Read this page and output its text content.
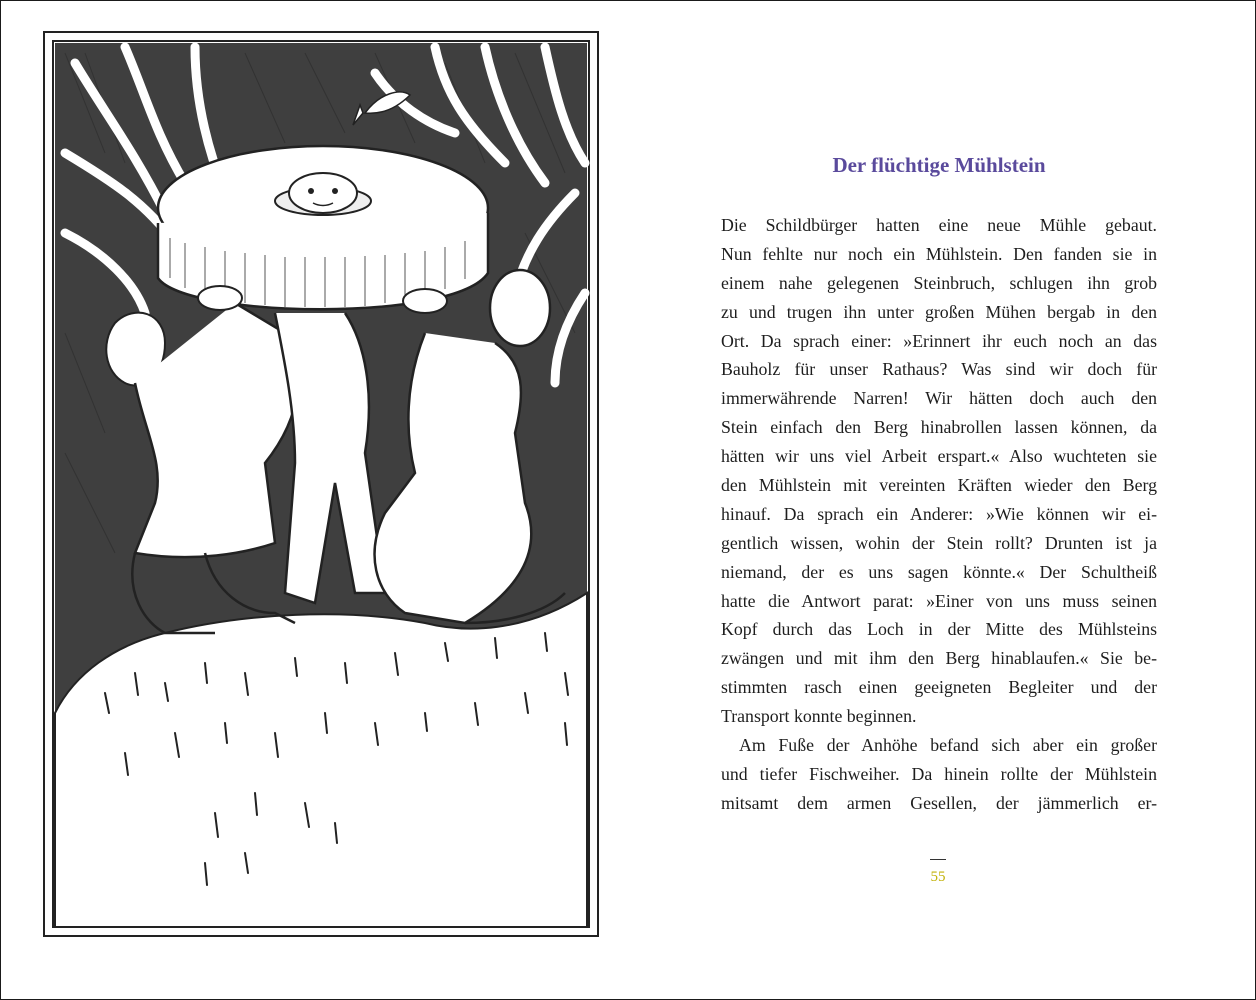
Der flüchtige Mühlstein
Die Schildbürger hatten eine neue Mühle gebaut.
Nun fehlte nur noch ein Mühlstein. Den fanden sie in
einem nahe gelegenen Steinbruch, schlugen ihn grob
zu und trugen ihn unter großen Mühen bergab in den
Ort. Da sprach einer: »Erinnert ihr euch noch an das
Bauholz für unser Rathaus? Was sind wir doch für
immerwährende Narren! Wir hätten doch auch den
Stein einfach den Berg hinabrollen lassen können, da
hätten wir uns viel Arbeit erspart.« Also wuchteten sie
den Mühlstein mit vereinten Kräften wieder den Berg
hinauf. Da sprach ein Anderer: »Wie können wir ei-
gentlich wissen, wohin der Stein rollt? Drunten ist ja
niemand, der es uns sagen könnte.« Der Schultheiß
hatte die Antwort parat: »Einer von uns muss seinen
Kopf durch das Loch in der Mitte des Mühlsteins
zwängen und mit ihm den Berg hinablaufen.« Sie be-
stimmten rasch einen geeigneten Begleiter und der
Transport konnte beginnen.
Am Fuße der Anhöhe befand sich aber ein großer
und tiefer Fischweiher. Da hinein rollte der Mühlstein
mitsamt dem armen Gesellen, der jämmerlich er-
55
